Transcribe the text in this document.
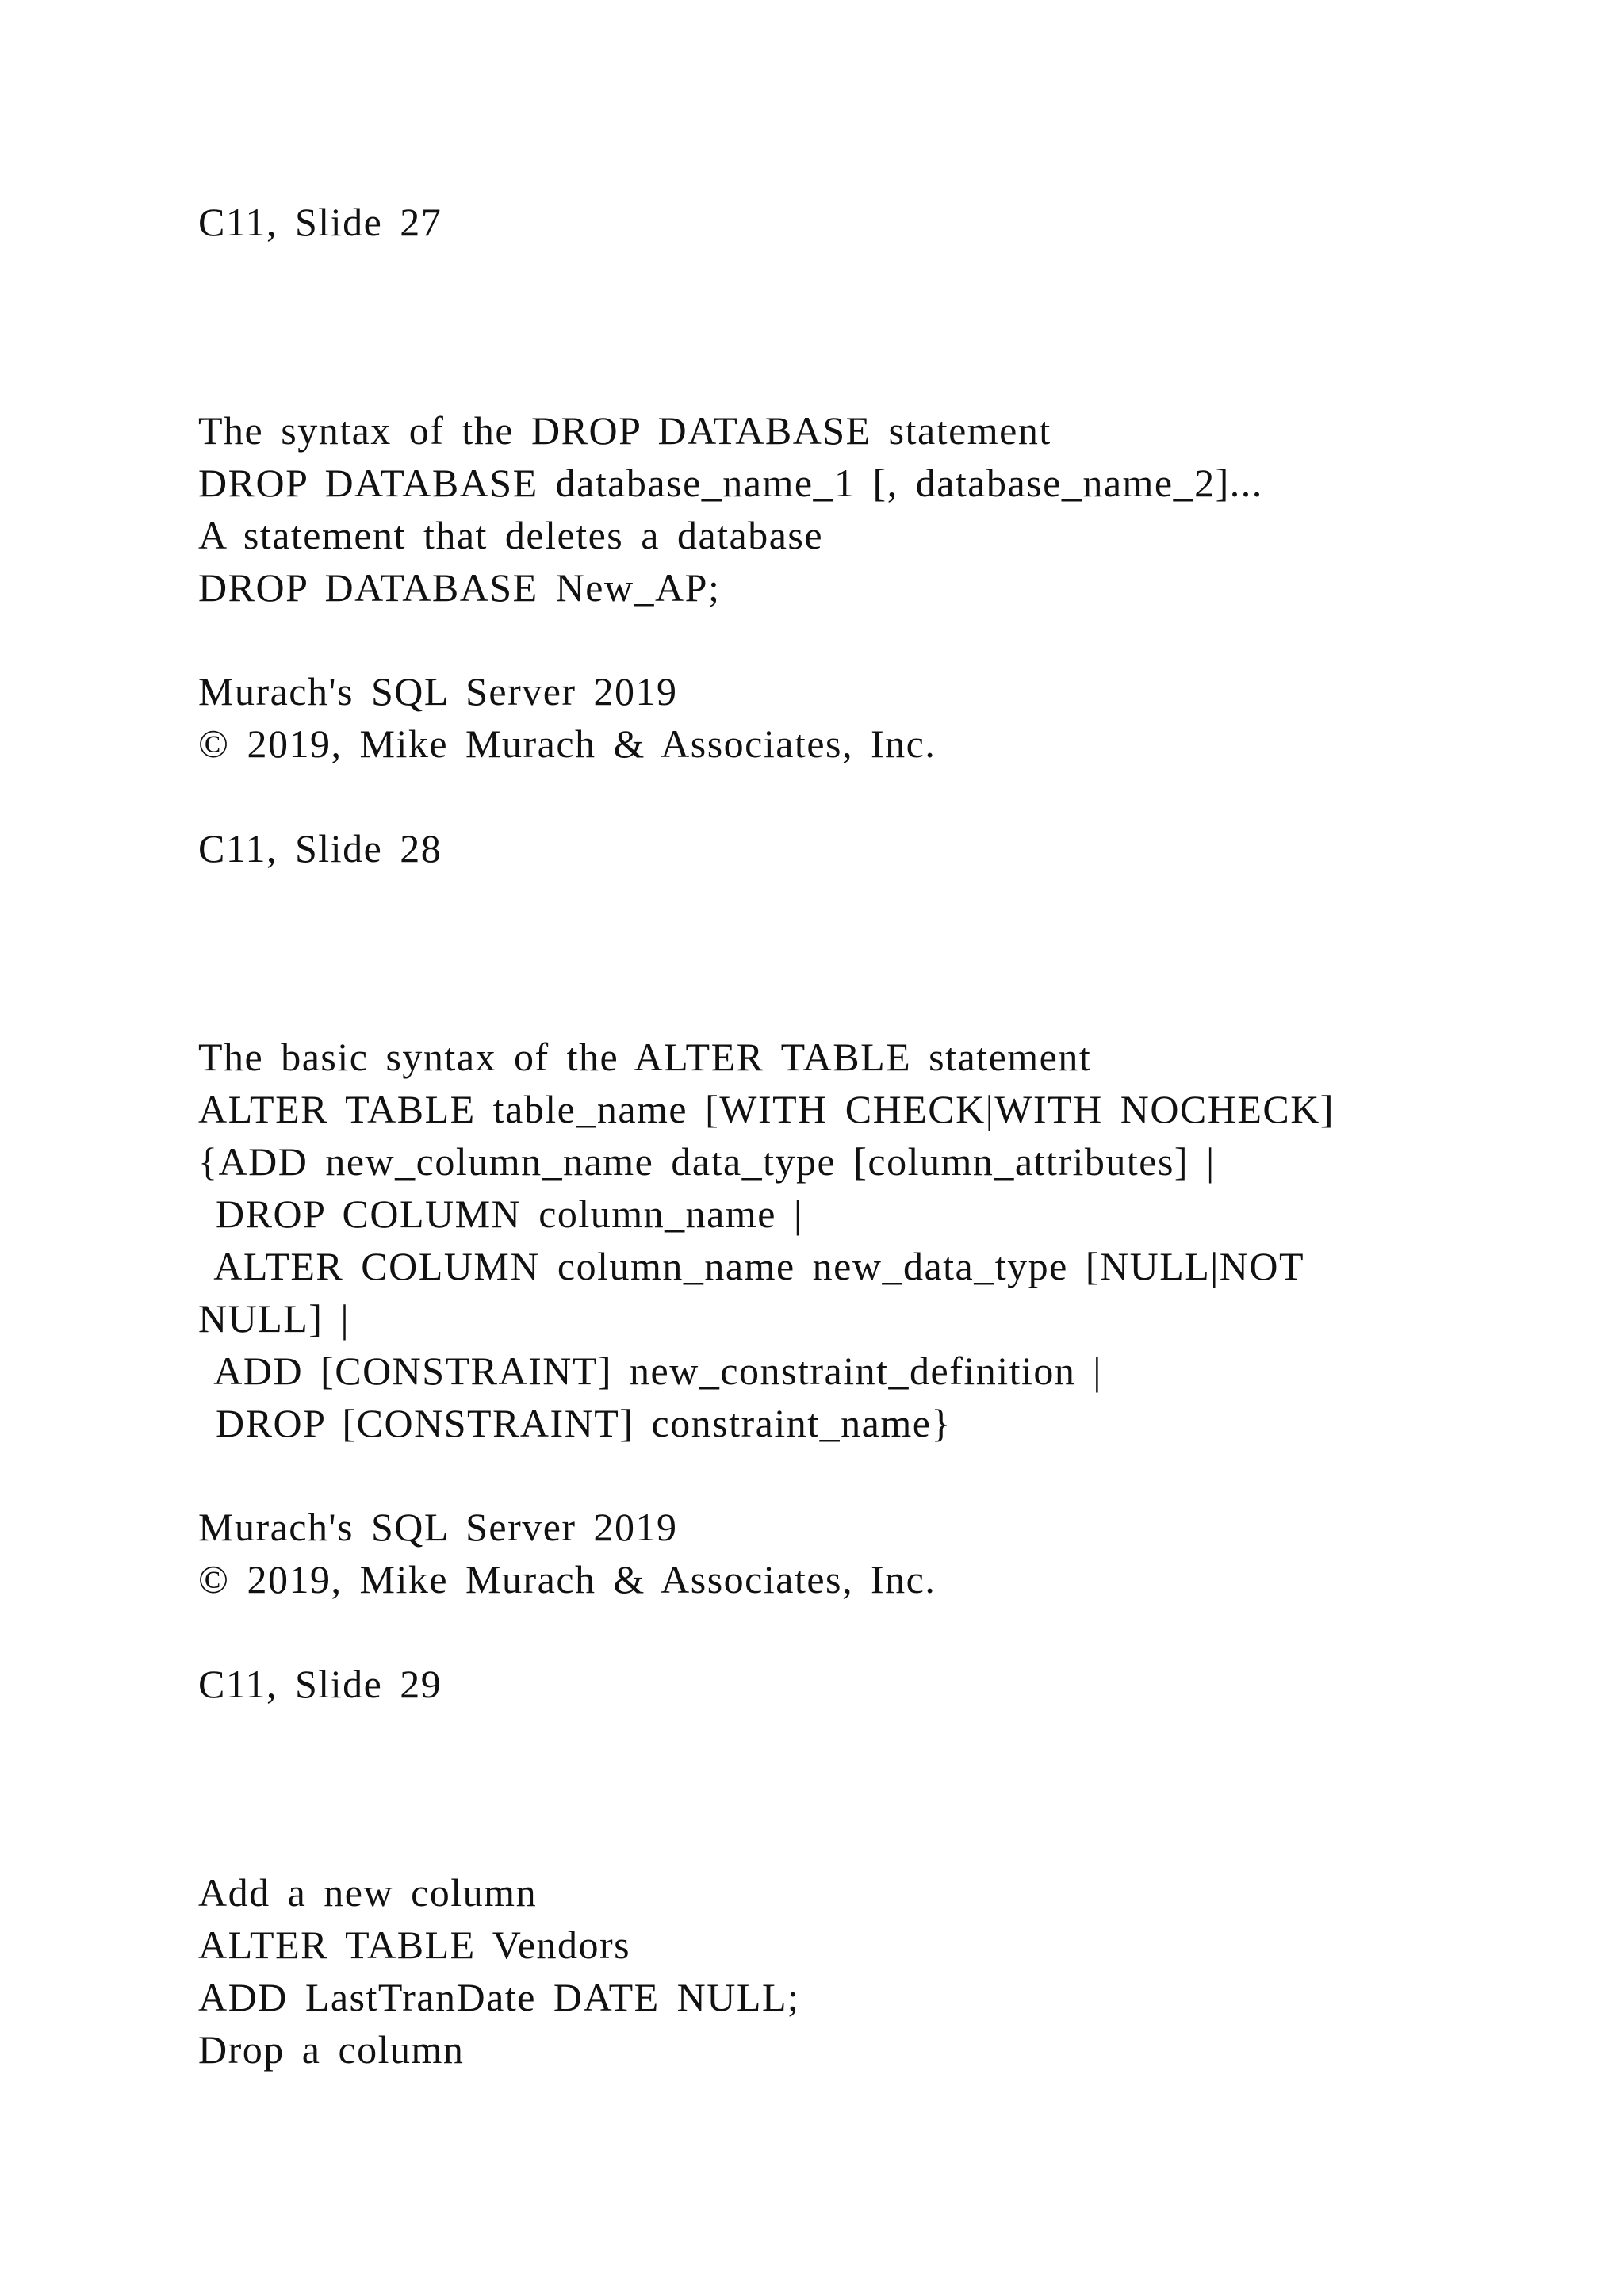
C11, Slide 27
The syntax of the DROP DATABASE statement
DROP DATABASE database_name_1 [, database_name_2]...
A statement that deletes a database
DROP DATABASE New_AP;
Murach's SQL Server 2019
© 2019, Mike Murach & Associates, Inc.
C11, Slide 28
The basic syntax of the ALTER TABLE statement
ALTER TABLE table_name [WITH CHECK|WITH NOCHECK]
{ADD new_column_name data_type [column_attributes] |
DROP COLUMN column_name |
ALTER COLUMN column_name new_data_type [NULL|NOT
NULL] |
ADD [CONSTRAINT] new_constraint_definition |
DROP [CONSTRAINT] constraint_name}
Murach's SQL Server 2019
© 2019, Mike Murach & Associates, Inc.
C11, Slide 29
Add a new column
ALTER TABLE Vendors
ADD LastTranDate DATE NULL;
Drop a column
